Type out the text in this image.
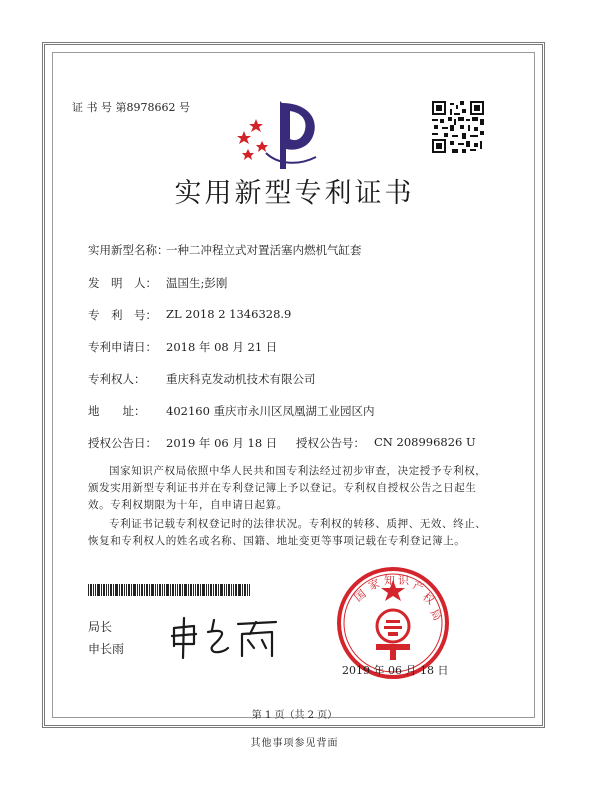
证 书 号 第8978662 号
实用新型专利证书
实用新型名称：
一种二冲程立式对置活塞内燃机气缸套
发　明　人： 温国生;彭刚
专　利　号： ZL 2018 2 1346328.9
专利申请日： 2018 年 08 月 21 日
专利权人： 重庆科克发动机技术有限公司
地　　址： 402160 重庆市永川区凤凰湖工业园区内
授权公告日： 2019 年 06 月 18 日 授权公告号： CN 208996826 U
国家知识产权局依照中华人民共和国专利法经过初步审查，决定授予专利权，颁发实用新型专利证书并在专利登记簿上予以登记。专利权自授权公告之日起生效。专利权期限为十年，自申请日起算。
专利证书记载专利权登记时的法律状况。专利权的转移、质押、无效、终止、恢复和专利权人的姓名或名称、国籍、地址变更等事项记载在专利登记簿上。
局长
申长雨
国
家 知 识 产
权
局
2019 年 06 月 18 日
第 1 页（共 2 页）
其他事项参见背面
